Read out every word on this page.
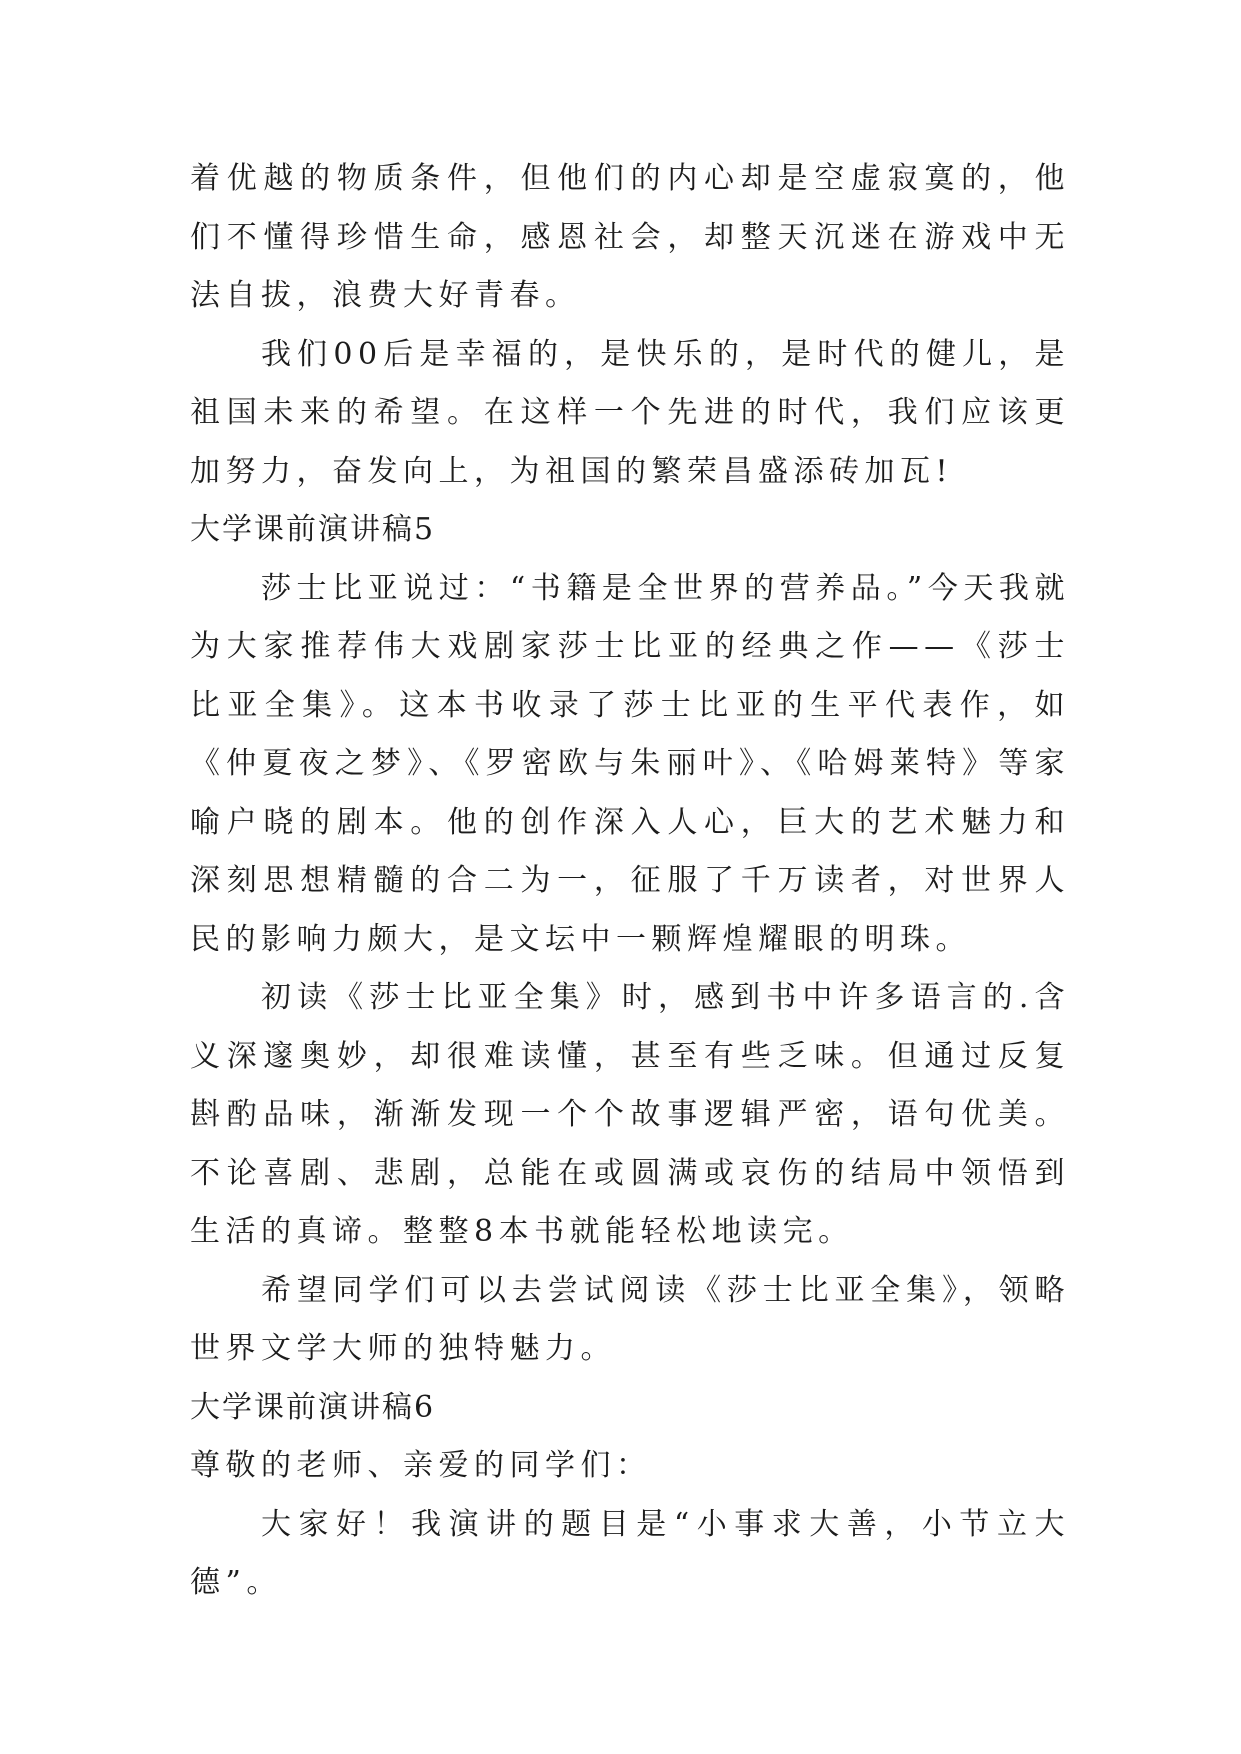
着优越的物质条件，但他们的内心却是空虚寂寞的，他们不懂得珍惜生命，感恩社会，却整天沉迷在游戏中无法自拔，浪费大好青春。

我们00后是幸福的，是快乐的，是时代的健儿，是祖国未来的希望。在这样一个先进的时代，我们应该更加努力，奋发向上，为祖国的繁荣昌盛添砖加瓦!

大学课前演讲稿5

莎士比亚说过：“书籍是全世界的营养品。”今天我就为大家推荐伟大戏剧家莎士比亚的经典之作——《莎士比亚全集》。这本书收录了莎士比亚的生平代表作，如《仲夏夜之梦》、《罗密欧与朱丽叶》、《哈姆莱特》等家喻户晓的剧本。他的创作深入人心，巨大的艺术魅力和深刻思想精髓的合二为一，征服了千万读者，对世界人民的影响力颇大，是文坛中一颗辉煌耀眼的明珠。

初读《莎士比亚全集》时，感到书中许多语言的.含义深邃奥妙，却很难读懂，甚至有些乏味。但通过反复斟酌品味，渐渐发现一个个故事逻辑严密，语句优美。不论喜剧、悲剧，总能在或圆满或哀伤的结局中领悟到生活的真谛。整整8本书就能轻松地读完。

希望同学们可以去尝试阅读《莎士比亚全集》，领略世界文学大师的独特魅力。

大学课前演讲稿6

尊敬的老师、亲爱的同学们：

大家好！我演讲的题目是“小事求大善，小节立大德”。
